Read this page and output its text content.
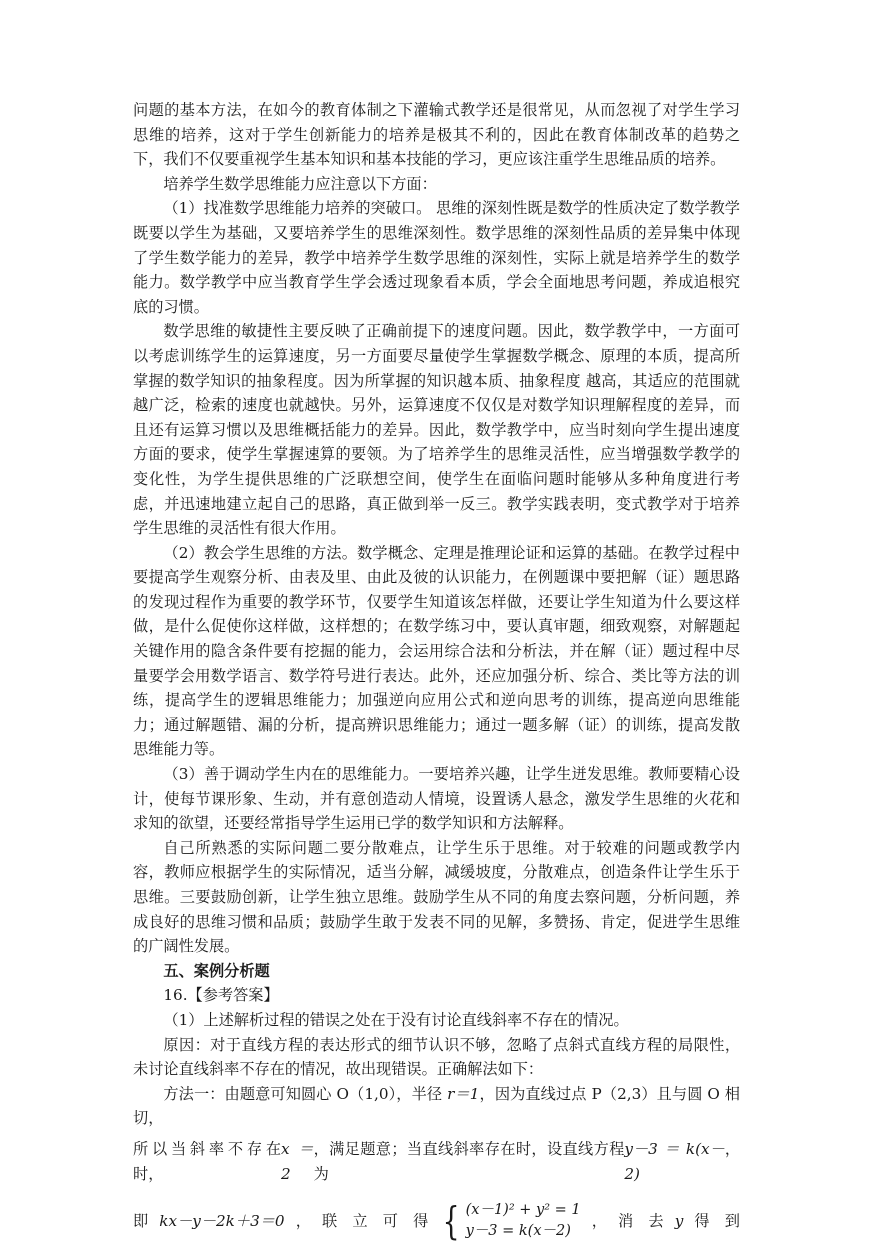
问题的基本方法，在如今的教育体制之下灌输式教学还是很常见，从而忽视了对学生学习思维的培养，这对于学生创新能力的培养是极其不利的，因此在教育体制改革的趋势之下，我们不仅要重视学生基本知识和基本技能的学习，更应该注重学生思维品质的培养。

培养学生数学思维能力应注意以下方面：

（1）找准数学思维能力培养的突破口。 思维的深刻性既是数学的性质决定了数学教学既要以学生为基础，又要培养学生的思维深刻性。数学思维的深刻性品质的差异集中体现了学生数学能力的差异，教学中培养学生数学思维的深刻性，实际上就是培养学生的数学能力。数学教学中应当教育学生学会透过现象看本质，学会全面地思考问题，养成追根究底的习惯。

数学思维的敏捷性主要反映了正确前提下的速度问题。因此，数学教学中，一方面可以考虑训练学生的运算速度，另一方面要尽量使学生掌握数学概念、原理的本质，提高所掌握的数学知识的抽象程度。因为所掌握的知识越本质、抽象程度 越高，其适应的范围就越广泛，检索的速度也就越快。另外，运算速度不仅仅是对数学知识理解程度的差异，而且还有运算习惯以及思维概括能力的差异。因此，数学教学中，应当时刻向学生提出速度方面的要求，使学生掌握速算的要领。为了培养学生的思维灵活性，应当增强数学教学的变化性，为学生提供思维的广泛联想空间，使学生在面临问题时能够从多种角度进行考虑，并迅速地建立起自己的思路，真正做到举一反三。教学实践表明，变式教学对于培养学生思维的灵活性有很大作用。

（2）教会学生思维的方法。数学概念、定理是推理论证和运算的基础。在教学过程中要提高学生观察分析、由表及里、由此及彼的认识能力，在例题课中要把解（证）题思路的发现过程作为重要的教学环节，仅要学生知道该怎样做，还要让学生知道为什么要这样做，是什么促使你这样做，这样想的；在数学练习中，要认真审题，细致观察，对解题起关键作用的隐含条件要有挖掘的能力，会运用综合法和分析法，并在解（证）题过程中尽量要学会用数学语言、数学符号进行表达。此外，还应加强分析、综合、类比等方法的训练，提高学生的逻辑思维能力；加强逆向应用公式和逆向思考的训练，提高逆向思维能力；通过解题错、漏的分析，提高辨识思维能力；通过一题多解（证）的训练，提高发散思维能力等。

（3）善于调动学生内在的思维能力。一要培养兴趣，让学生迸发思维。教师要精心设计，使每节课形象、生动，并有意创造动人情境，设置诱人悬念，激发学生思维的火花和求知的欲望，还要经常指导学生运用已学的数学知识和方法解释。

自己所熟悉的实际问题二要分散难点，让学生乐于思维。对于较难的问题或教学内容，教师应根据学生的实际情况，适当分解，减缓坡度，分散难点，创造条件让学生乐于思维。三要鼓励创新，让学生独立思维。鼓励学生从不同的角度去察问题，分析问题，养成良好的思维习惯和品质；鼓励学生敢于发表不同的见解，多赞扬、肯定，促进学生思维的广阔性发展。

五、案例分析题

16.【参考答案】

（1）上述解析过程的错误之处在于没有讨论直线斜率不存在的情况。

原因：对于直线方程的表达形式的细节认识不够，忽略了点斜式直线方程的局限性，未讨论直线斜率不存在的情况，故出现错误。正确解法如下：

方法一：由题意可知圆心 O（1,0），半径 r＝1，因为直线过点 P（2,3）且与圆 O 相切，

所以当斜率不存在时，
x＝2
，满足题意；当直线斜率存在时，设直线方程为
y－3＝k(x－2)
，

即 kx－y－2k＋3＝0 ， 联　立　可　得 { (x－1)² + y² = 1
y－3 = k(x－2)
， 消　去 y 得　到
